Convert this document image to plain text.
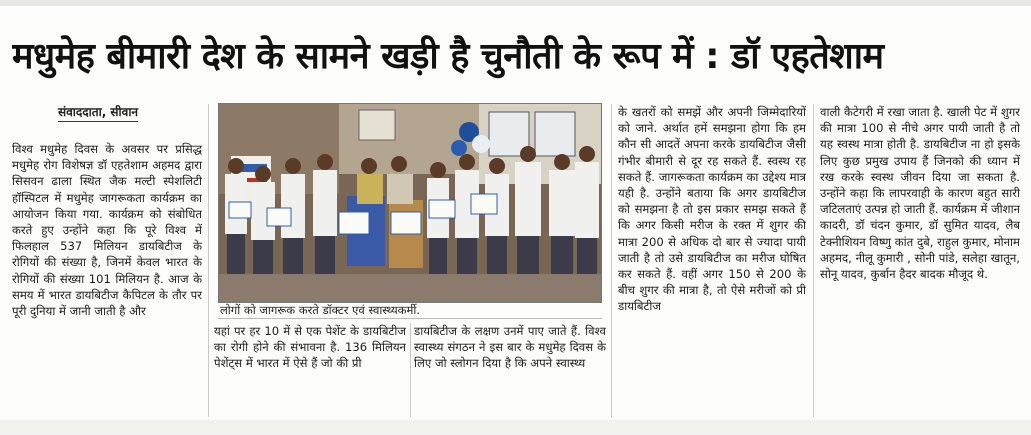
मधुमेह बीमारी देश के सामने खड़ी है चुनौती के रूप में : डॉ एहतेशाम
संवाददाता, सीवान

विश्व मधुमेह दिवस के अवसर पर प्रसिद्ध मधुमेह रोग विशेषज्ञ डॉ एहतेशाम अहमद द्वारा सिसवन ढाला स्थित जैक मल्टी स्पेशलिटी हॉस्पिटल में मधुमेह जागरूकता कार्यक्रम का आयोजन किया गया. कार्यक्रम को संबोधित करते हुए उन्होंने कहा कि पूरे विश्व में फिलहाल 537 मिलियन डायबिटीज के रोगियों की संख्या है, जिनमें केवल भारत के रोगियों की संख्या 101 मिलियन है. आज के समय में भारत डायबिटीज कैपिटल के तौर पर पूरी दुनिया में जानी जाती है और	लोगों को जागरूक करते डॉक्टर एवं स्वास्थ्यकर्मी.

यहां पर हर 10 में से एक पेशेंट के डायबिटीज का रोगी होने की संभावना है. 136 मिलियन पेशेंट्स में भारत में ऐसे हैं जो की प्री

डायबिटीज के लक्षण उनमें पाए जाते हैं. विश्व स्वास्थ्य संगठन ने इस बार के मधुमेह दिवस के लिए जो स्लोगन दिया है कि अपने स्वास्थ्य

के खतरों को समझें और अपनी जिम्मेदारियों को जाने. अर्थात हमें समझना होगा कि हम कौन सी आदतें अपना करके डायबिटीज जैसी गंभीर बीमारी से दूर रह सकते हैं. स्वस्थ रह सकते हैं. जागरूकता कार्यक्रम का उद्देश्य मात्र यही है. उन्होंने बताया कि अगर डायबिटीज को समझना है तो इस प्रकार समझ सकते हैं कि अगर किसी मरीज के रक्त में शुगर की मात्रा 200 से अधिक दो बार से ज्यादा पायी जाती है तो उसे डायबिटीज का मरीज घोषित कर सकते हैं. वहीं अगर 150 से 200 के बीच शुगर की मात्रा है, तो ऐसे मरीजों को प्री डायबिटीज

वाली कैटेगरी में रखा जाता है. खाली पेट में शुगर की मात्रा 100 से नीचे अगर पायी जाती है तो यह स्वस्थ मात्रा होती है. डायबिटीज ना हो इसके लिए कुछ प्रमुख उपाय हैं जिनको की ध्यान में रख करके स्वस्थ जीवन दिया जा सकता है. उन्होंने कहा कि लापरवाही के कारण बहुत सारी जटिलताएं उत्पन्न हो जाती हैं. कार्यक्रम में जीशान कादरी, डॉ चंदन कुमार, डॉ सुमित यादव, लैब टेक्नीशियन विष्णु कांत दुबे, राहुल कुमार, मोनाम अहमद, नीलू कुमारी , सोनी पांडे, सलेहा खातून, सोनू यादव, कुर्बान हैदर बादक मौजूद थे.
